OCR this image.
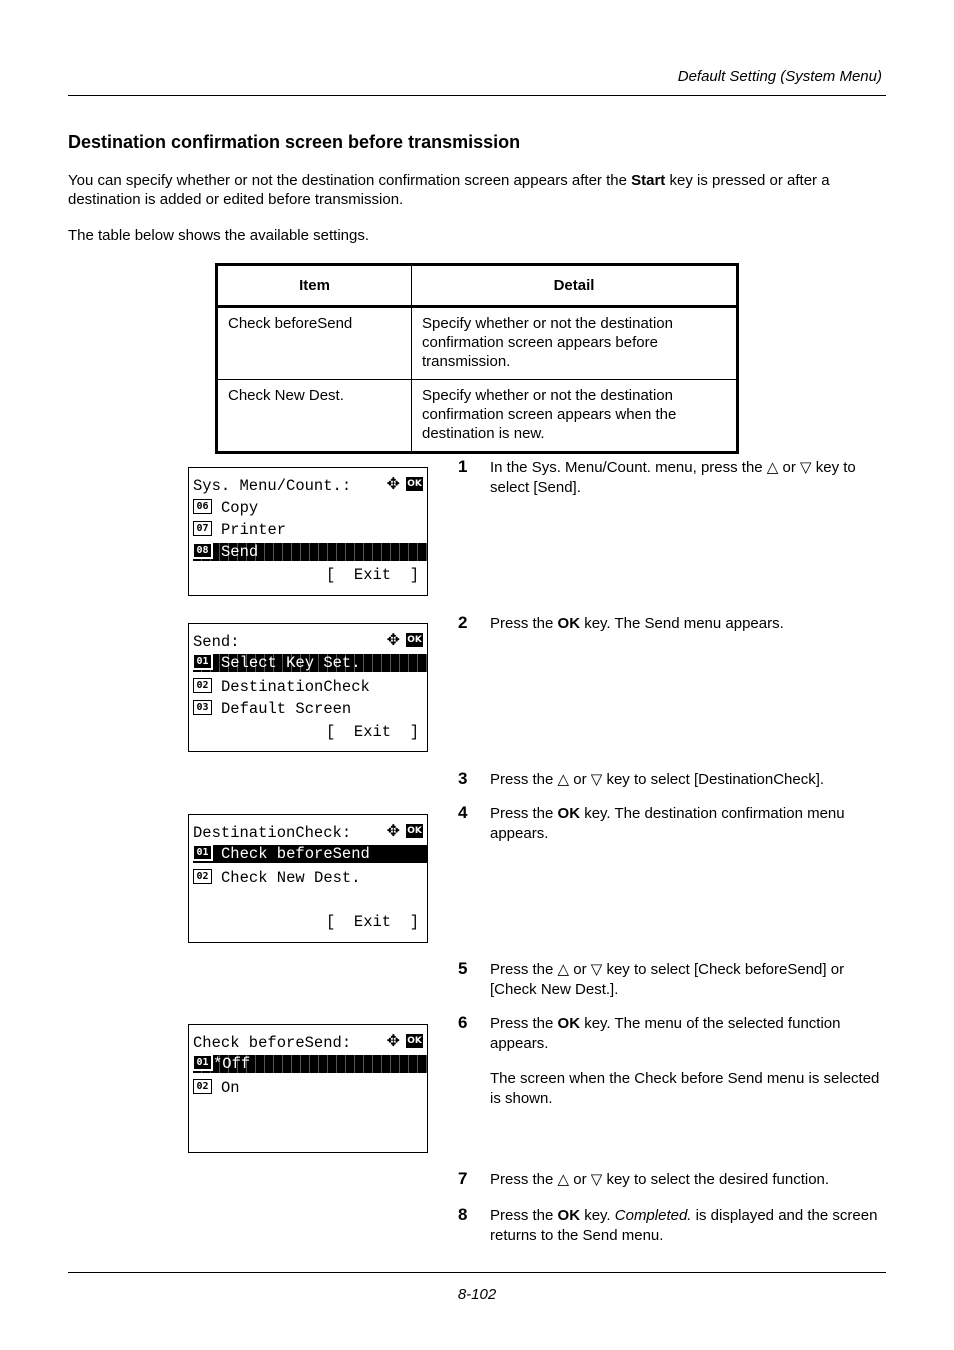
Default Setting (System Menu)
Destination confirmation screen before transmission
You can specify whether or not the destination confirmation screen appears after the Start key is pressed or after a destination is added or edited before transmission.
The table below shows the available settings.
Item	Detail
Check beforeSend	Specify whether or not the destination confirmation screen appears before transmission.
Check New Dest.	Specify whether or not the destination confirmation screen appears when the destination is new.
Sys. Menu/Count.:	✥ OK
06 Copy
07 Printer
08 Send
[  Exit  ]
Send:	✥ OK
01 Select Key Set.
02 DestinationCheck
03 Default Screen
[  Exit  ]
DestinationCheck:	✥ OK
01 Check beforeSend
02 Check New Dest.
[  Exit  ]
Check beforeSend:	✥ OK
01 *Off
02 On
1 In the Sys. Menu/Count. menu, press the △ or ▽ key to select [Send].
2 Press the OK key. The Send menu appears.
3 Press the △ or ▽ key to select [DestinationCheck].
4 Press the OK key. The destination confirmation menu appears.
5 Press the △ or ▽ key to select [Check beforeSend] or [Check New Dest.].
6 Press the OK key. The menu of the selected function appears.
The screen when the Check before Send menu is selected is shown.
7 Press the △ or ▽ key to select the desired function.
8 Press the OK key. Completed. is displayed and the screen returns to the Send menu.
8-102
